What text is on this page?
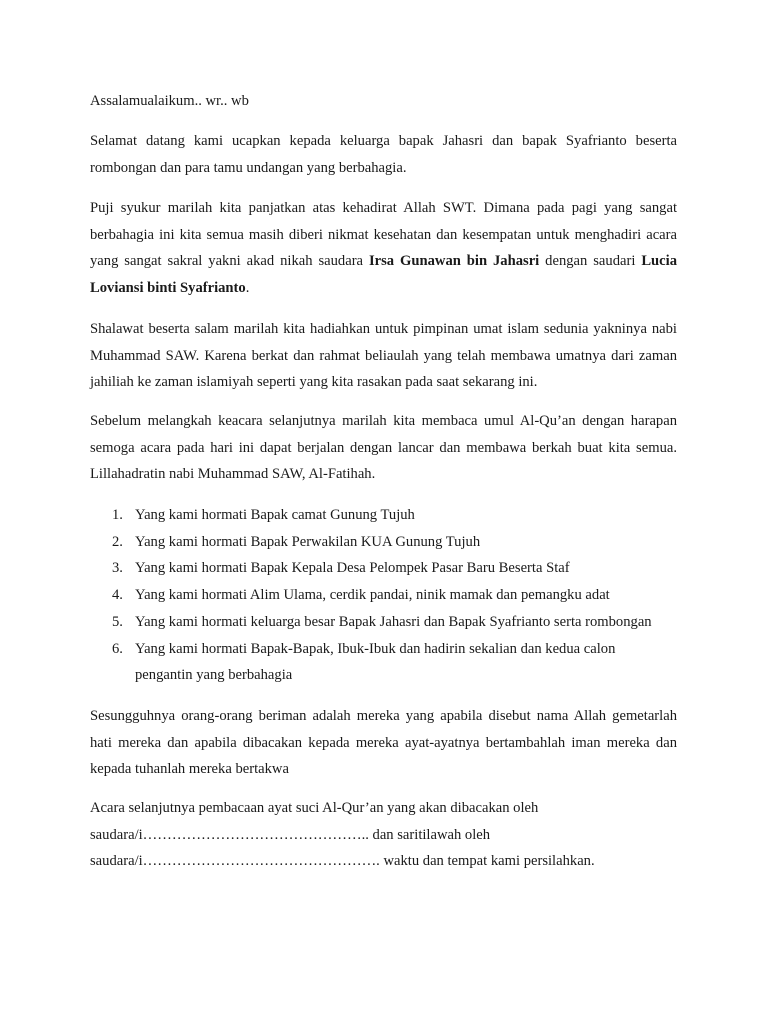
Assalamualaikum.. wr.. wb

Selamat datang kami ucapkan kepada keluarga bapak Jahasri dan bapak Syafrianto beserta rombongan dan para tamu undangan yang berbahagia.

Puji syukur marilah kita panjatkan atas kehadirat Allah SWT. Dimana pada pagi yang sangat berbahagia ini kita semua masih diberi nikmat kesehatan dan kesempatan untuk menghadiri acara yang sangat sakral yakni akad nikah saudara Irsa Gunawan bin Jahasri dengan saudari Lucia Loviansi binti Syafrianto.

Shalawat beserta salam marilah kita hadiahkan untuk pimpinan umat islam sedunia yakninya nabi Muhammad SAW. Karena berkat dan rahmat beliaulah yang telah membawa umatnya dari zaman jahiliah ke zaman islamiyah seperti yang kita rasakan pada saat sekarang ini.

Sebelum melangkah keacara selanjutnya marilah kita membaca umul Al-Qu’an dengan harapan semoga acara pada hari ini dapat berjalan dengan lancar dan membawa berkah buat kita semua. Lillahadratin nabi Muhammad SAW, Al-Fatihah.

1. Yang kami hormati Bapak camat Gunung Tujuh
2. Yang kami hormati Bapak Perwakilan KUA Gunung Tujuh
3. Yang kami hormati Bapak Kepala Desa Pelompek Pasar Baru Beserta Staf
4. Yang kami hormati Alim Ulama, cerdik pandai, ninik mamak dan pemangku adat
5. Yang kami hormati keluarga besar Bapak Jahasri dan Bapak Syafrianto serta rombongan
6. Yang kami hormati Bapak-Bapak, Ibuk-Ibuk dan hadirin sekalian dan kedua calon pengantin yang berbahagia

Sesungguhnya orang-orang beriman adalah mereka yang apabila disebut nama Allah gemetarlah hati mereka dan apabila dibacakan kepada mereka ayat-ayatnya bertambahlah iman mereka dan kepada tuhanlah mereka bertakwa

Acara selanjutnya pembacaan ayat suci Al-Qur’an yang akan dibacakan oleh
saudara/i……………………………………….. dan saritilawah oleh
saudara/i…………………………………………. waktu dan tempat kami persilahkan.
